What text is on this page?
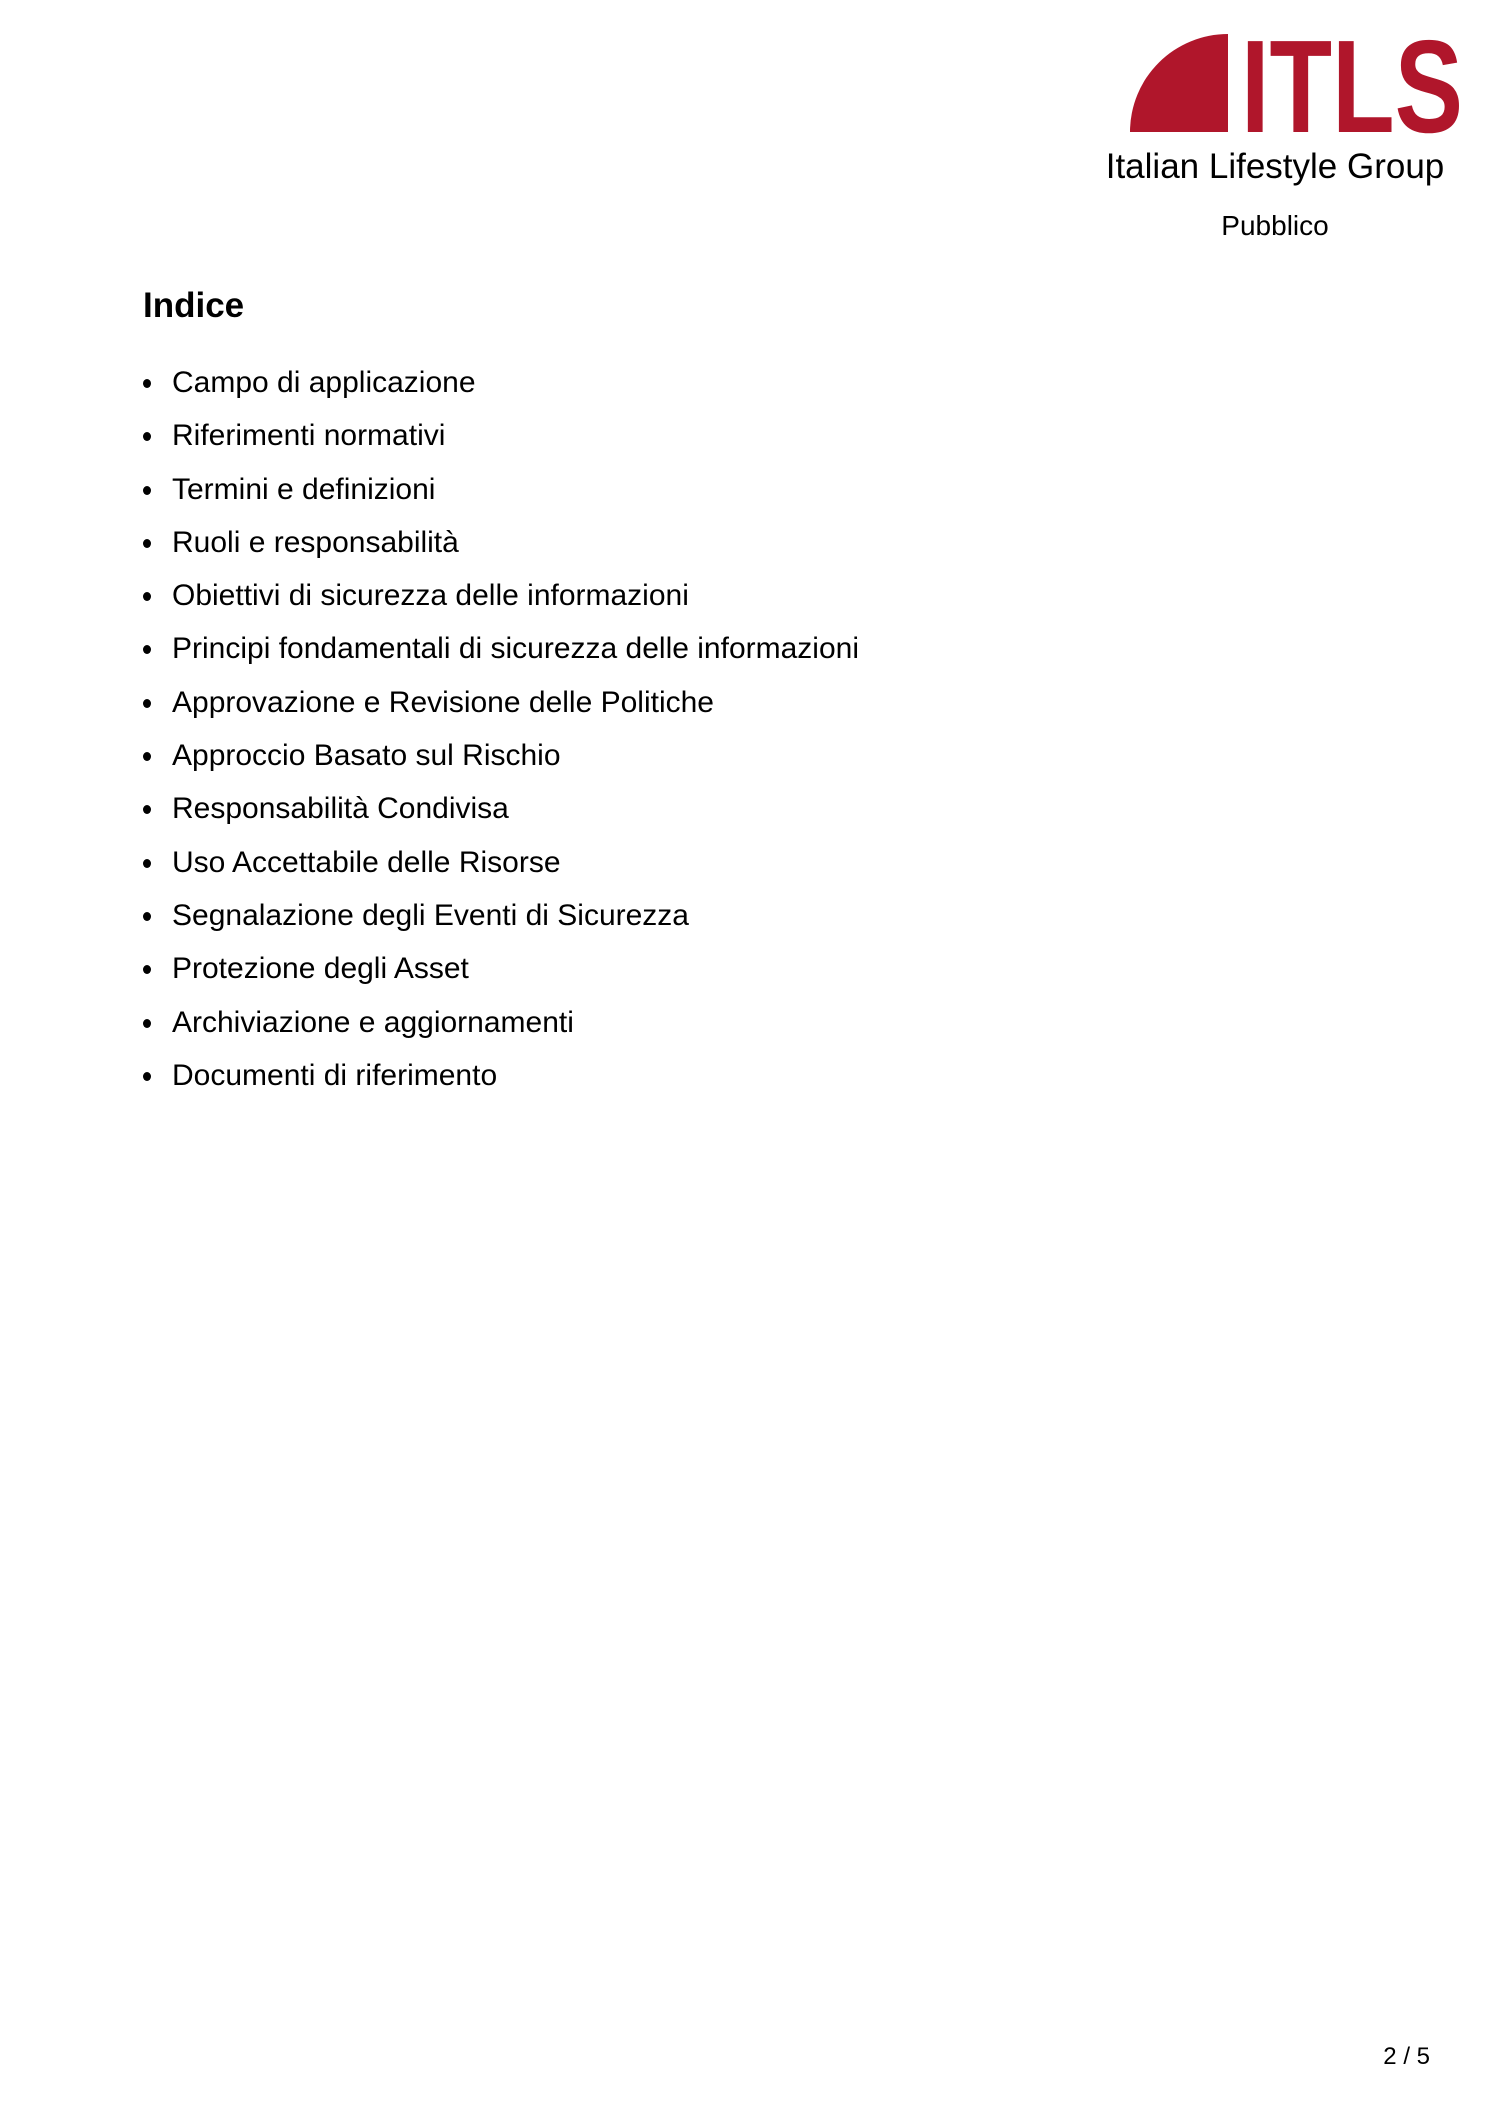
ITLS
Italian Lifestyle Group
Pubblico
Indice
Campo di applicazione
Riferimenti normativi
Termini e definizioni
Ruoli e responsabilità
Obiettivi di sicurezza delle informazioni
Principi fondamentali di sicurezza delle informazioni
Approvazione e Revisione delle Politiche
Approccio Basato sul Rischio
Responsabilità Condivisa
Uso Accettabile delle Risorse
Segnalazione degli Eventi di Sicurezza
Protezione degli Asset
Archiviazione e aggiornamenti
Documenti di riferimento
2 / 5
